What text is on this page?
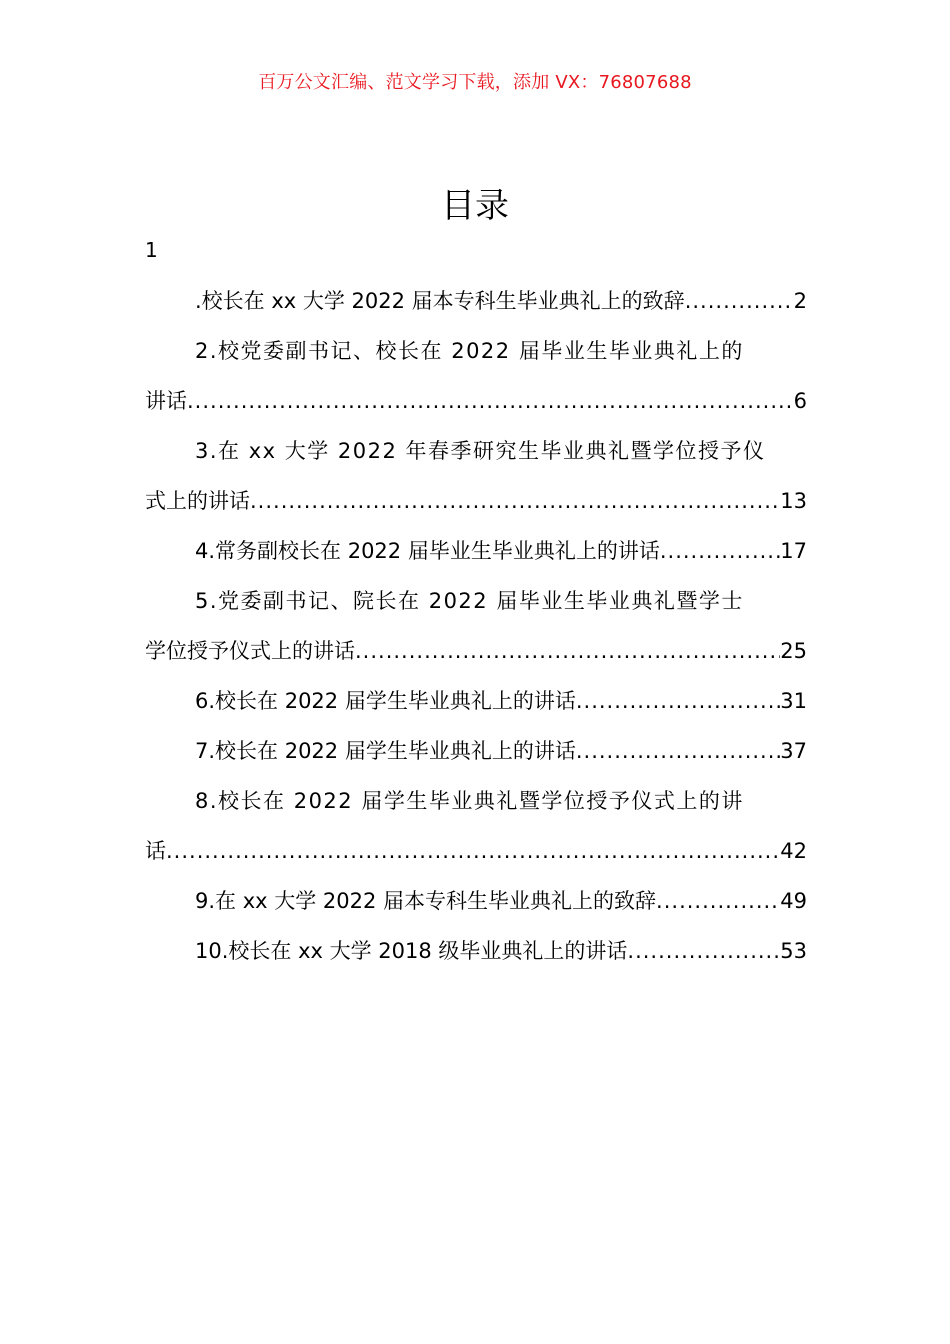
百万公文汇编、范文学习下载，添加 VX：76807688
目录
1
.校长在 xx 大学 2022 届本专科生毕业典礼上的致辞 .....	2
2.校党委副书记、校长在 2022 届毕业生毕业典礼上的
讲话 .....	6
3.在 xx 大学 2022 年春季研究生毕业典礼暨学位授予仪
式上的讲话 .....	13
4.常务副校长在 2022 届毕业生毕业典礼上的讲话 .....	17
5.党委副书记、院长在 2022 届毕业生毕业典礼暨学士
学位授予仪式上的讲话 .....	25
6.校长在 2022 届学生毕业典礼上的讲话 .....	31
7.校长在 2022 届学生毕业典礼上的讲话 .....	37
8.校长在 2022 届学生毕业典礼暨学位授予仪式上的讲
话 .....	42
9.在 xx 大学 2022 届本专科生毕业典礼上的致辞 .....	49
10.校长在 xx 大学 2018 级毕业典礼上的讲话 .....	53
